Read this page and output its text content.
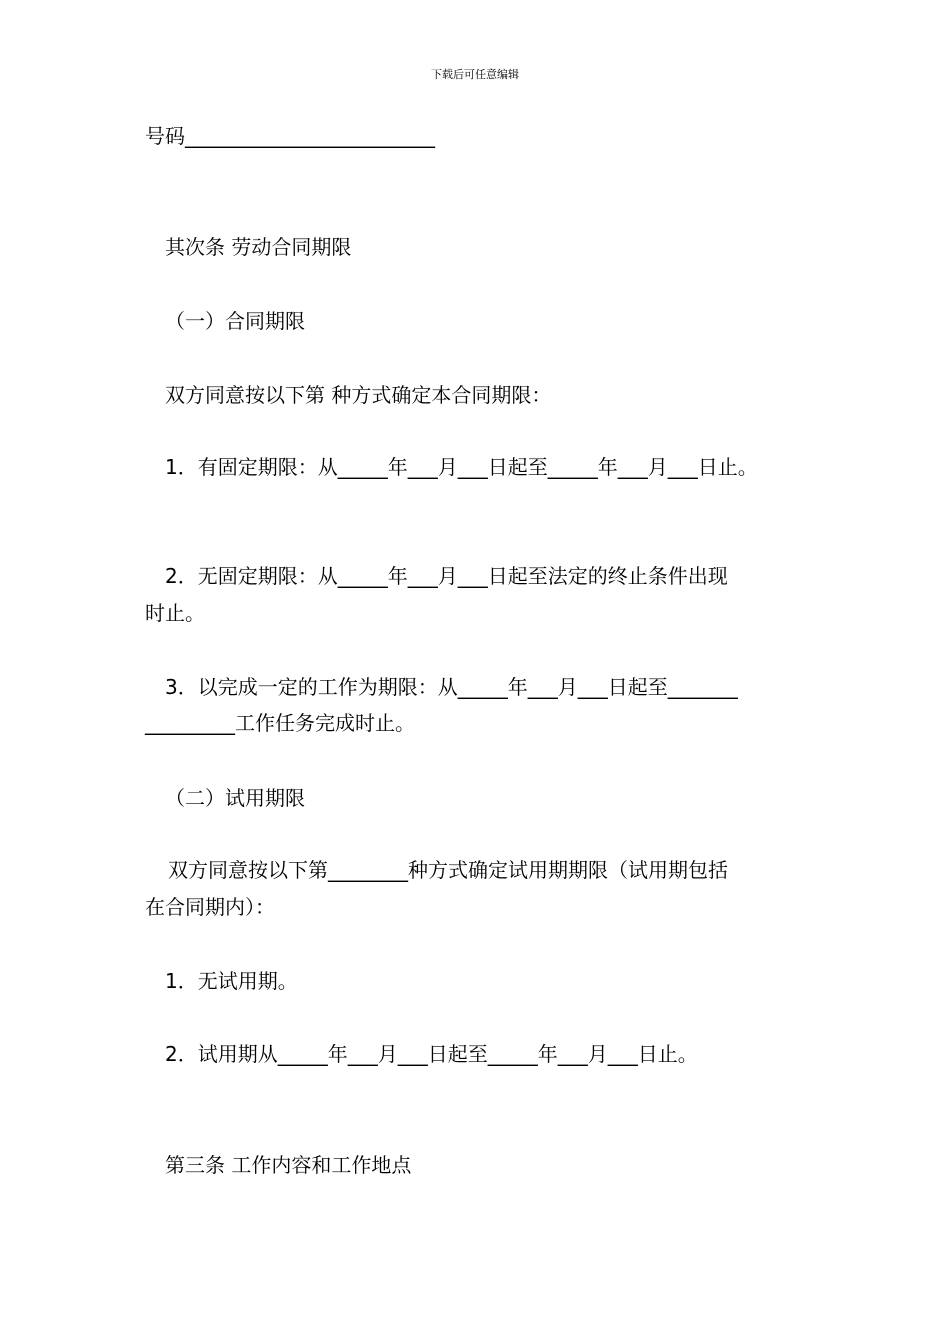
下载后可任意编辑
号码_________________________
其次条 劳动合同期限
（一）合同期限
双方同意按以下第 种方式确定本合同期限：
1．有固定期限：从_____年___月___日起至_____年___月___日止。
2．无固定期限：从_____年___月___日起至法定的终止条件出现
时止。
3．以完成一定的工作为期限：从_____年___月___日起至_______
_________工作任务完成时止。
（二）试用期限
双方同意按以下第________种方式确定试用期期限（试用期包括
在合同期内）：
1．无试用期。
2．试用期从_____年___月___日起至_____年___月___日止。
第三条 工作内容和工作地点
